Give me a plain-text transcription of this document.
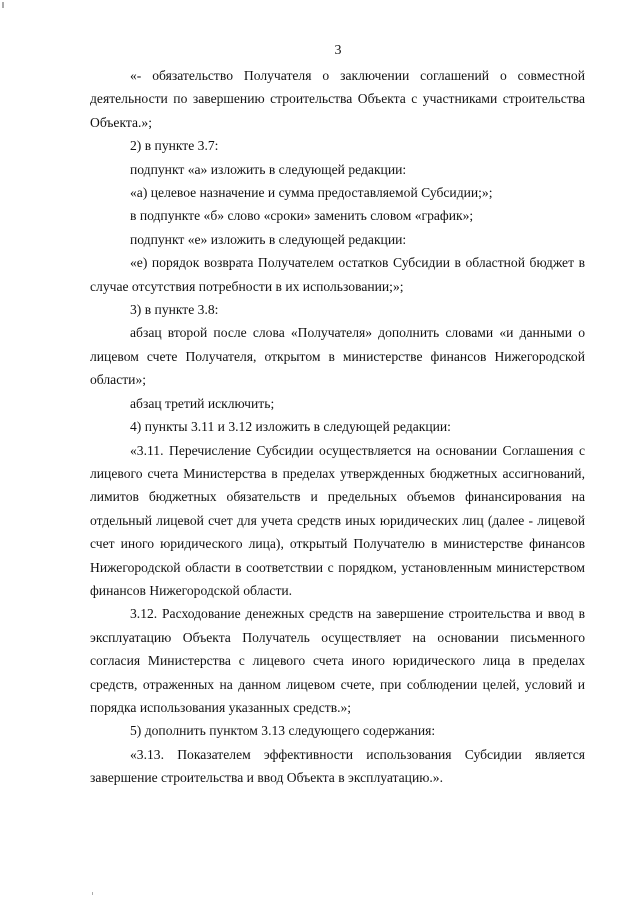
3

«- обязательство Получателя о заключении соглашений о совместной деятельности по завершению строительства Объекта с участниками строительства Объекта.»;

2) в пункте 3.7:

подпункт «а» изложить в следующей редакции:

«а) целевое назначение и сумма предоставляемой Субсидии;»;

в подпункте «б» слово «сроки» заменить словом «график»;

подпункт «е» изложить в следующей редакции:

«е) порядок возврата Получателем остатков Субсидии в областной бюджет в случае отсутствия потребности в их использовании;»;

3) в пункте 3.8:

абзац второй после слова «Получателя» дополнить словами «и данными о лицевом счете Получателя, открытом в министерстве финансов Нижегородской области»;

абзац третий исключить;

4) пункты 3.11 и 3.12 изложить в следующей редакции:

«3.11. Перечисление Субсидии осуществляется на основании Соглашения с лицевого счета Министерства в пределах утвержденных бюджетных ассигнований, лимитов бюджетных обязательств и предельных объемов финансирования на отдельный лицевой счет для учета средств иных юридических лиц (далее - лицевой счет иного юридического лица), открытый Получателю в министерстве финансов Нижегородской области в соответствии с порядком, установленным министерством финансов Нижегородской области.

3.12. Расходование денежных средств на завершение строительства и ввод в эксплуатацию Объекта Получатель осуществляет на основании письменного согласия Министерства с лицевого счета иного юридического лица в пределах средств, отраженных на данном лицевом счете, при соблюдении целей, условий и порядка использования указанных средств.»;

5) дополнить пунктом 3.13 следующего содержания:

«3.13. Показателем эффективности использования Субсидии является завершение строительства и ввод Объекта в эксплуатацию.».
